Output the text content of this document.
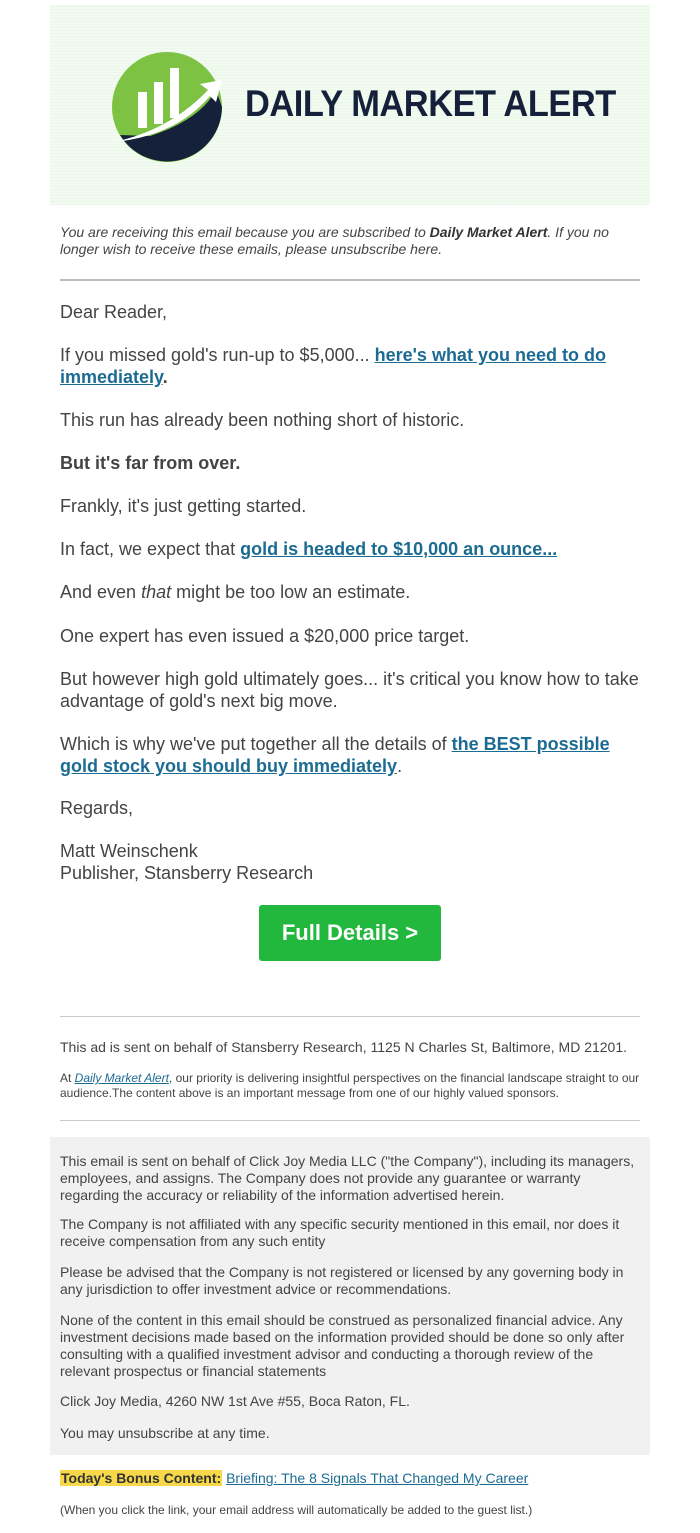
DAILY MARKET ALERT
You are receiving this email because you are subscribed to Daily Market Alert. If you no longer wish to receive these emails, please unsubscribe here.

Dear Reader,

If you missed gold's run-up to $5,000... here's what you need to do immediately.

This run has already been nothing short of historic.

But it's far from over.

Frankly, it's just getting started.

In fact, we expect that gold is headed to $10,000 an ounce...

And even that might be too low an estimate.

One expert has even issued a $20,000 price target.

But however high gold ultimately goes... it's critical you know how to take advantage of gold's next big move.

Which is why we've put together all the details of the BEST possible gold stock you should buy immediately.

Regards,

Matt Weinschenk

Publisher, Stansberry Research

Full Details >
This ad is sent on behalf of Stansberry Research, 1125 N Charles St, Baltimore, MD 21201.
At Daily Market Alert, our priority is delivering insightful perspectives on the financial landscape straight to our audience.The content above is an important message from one of our highly valued sponsors.

This email is sent on behalf of Click Joy Media LLC ("the Company"), including its managers, employees, and assigns. The Company does not provide any guarantee or warranty regarding the accuracy or reliability of the information advertised herein.

The Company is not affiliated with any specific security mentioned in this email, nor does it receive compensation from any such entity

Please be advised that the Company is not registered or licensed by any governing body in any jurisdiction to offer investment advice or recommendations.

None of the content in this email should be construed as personalized financial advice. Any investment decisions made based on the information provided should be done so only after consulting with a qualified investment advisor and conducting a thorough review of the relevant prospectus or financial statements

Click Joy Media, 4260 NW 1st Ave #55, Boca Raton, FL.

You may unsubscribe at any time.

Today's Bonus Content: Briefing: The 8 Signals That Changed My Career
(When you click the link, your email address will automatically be added to the guest list.)
